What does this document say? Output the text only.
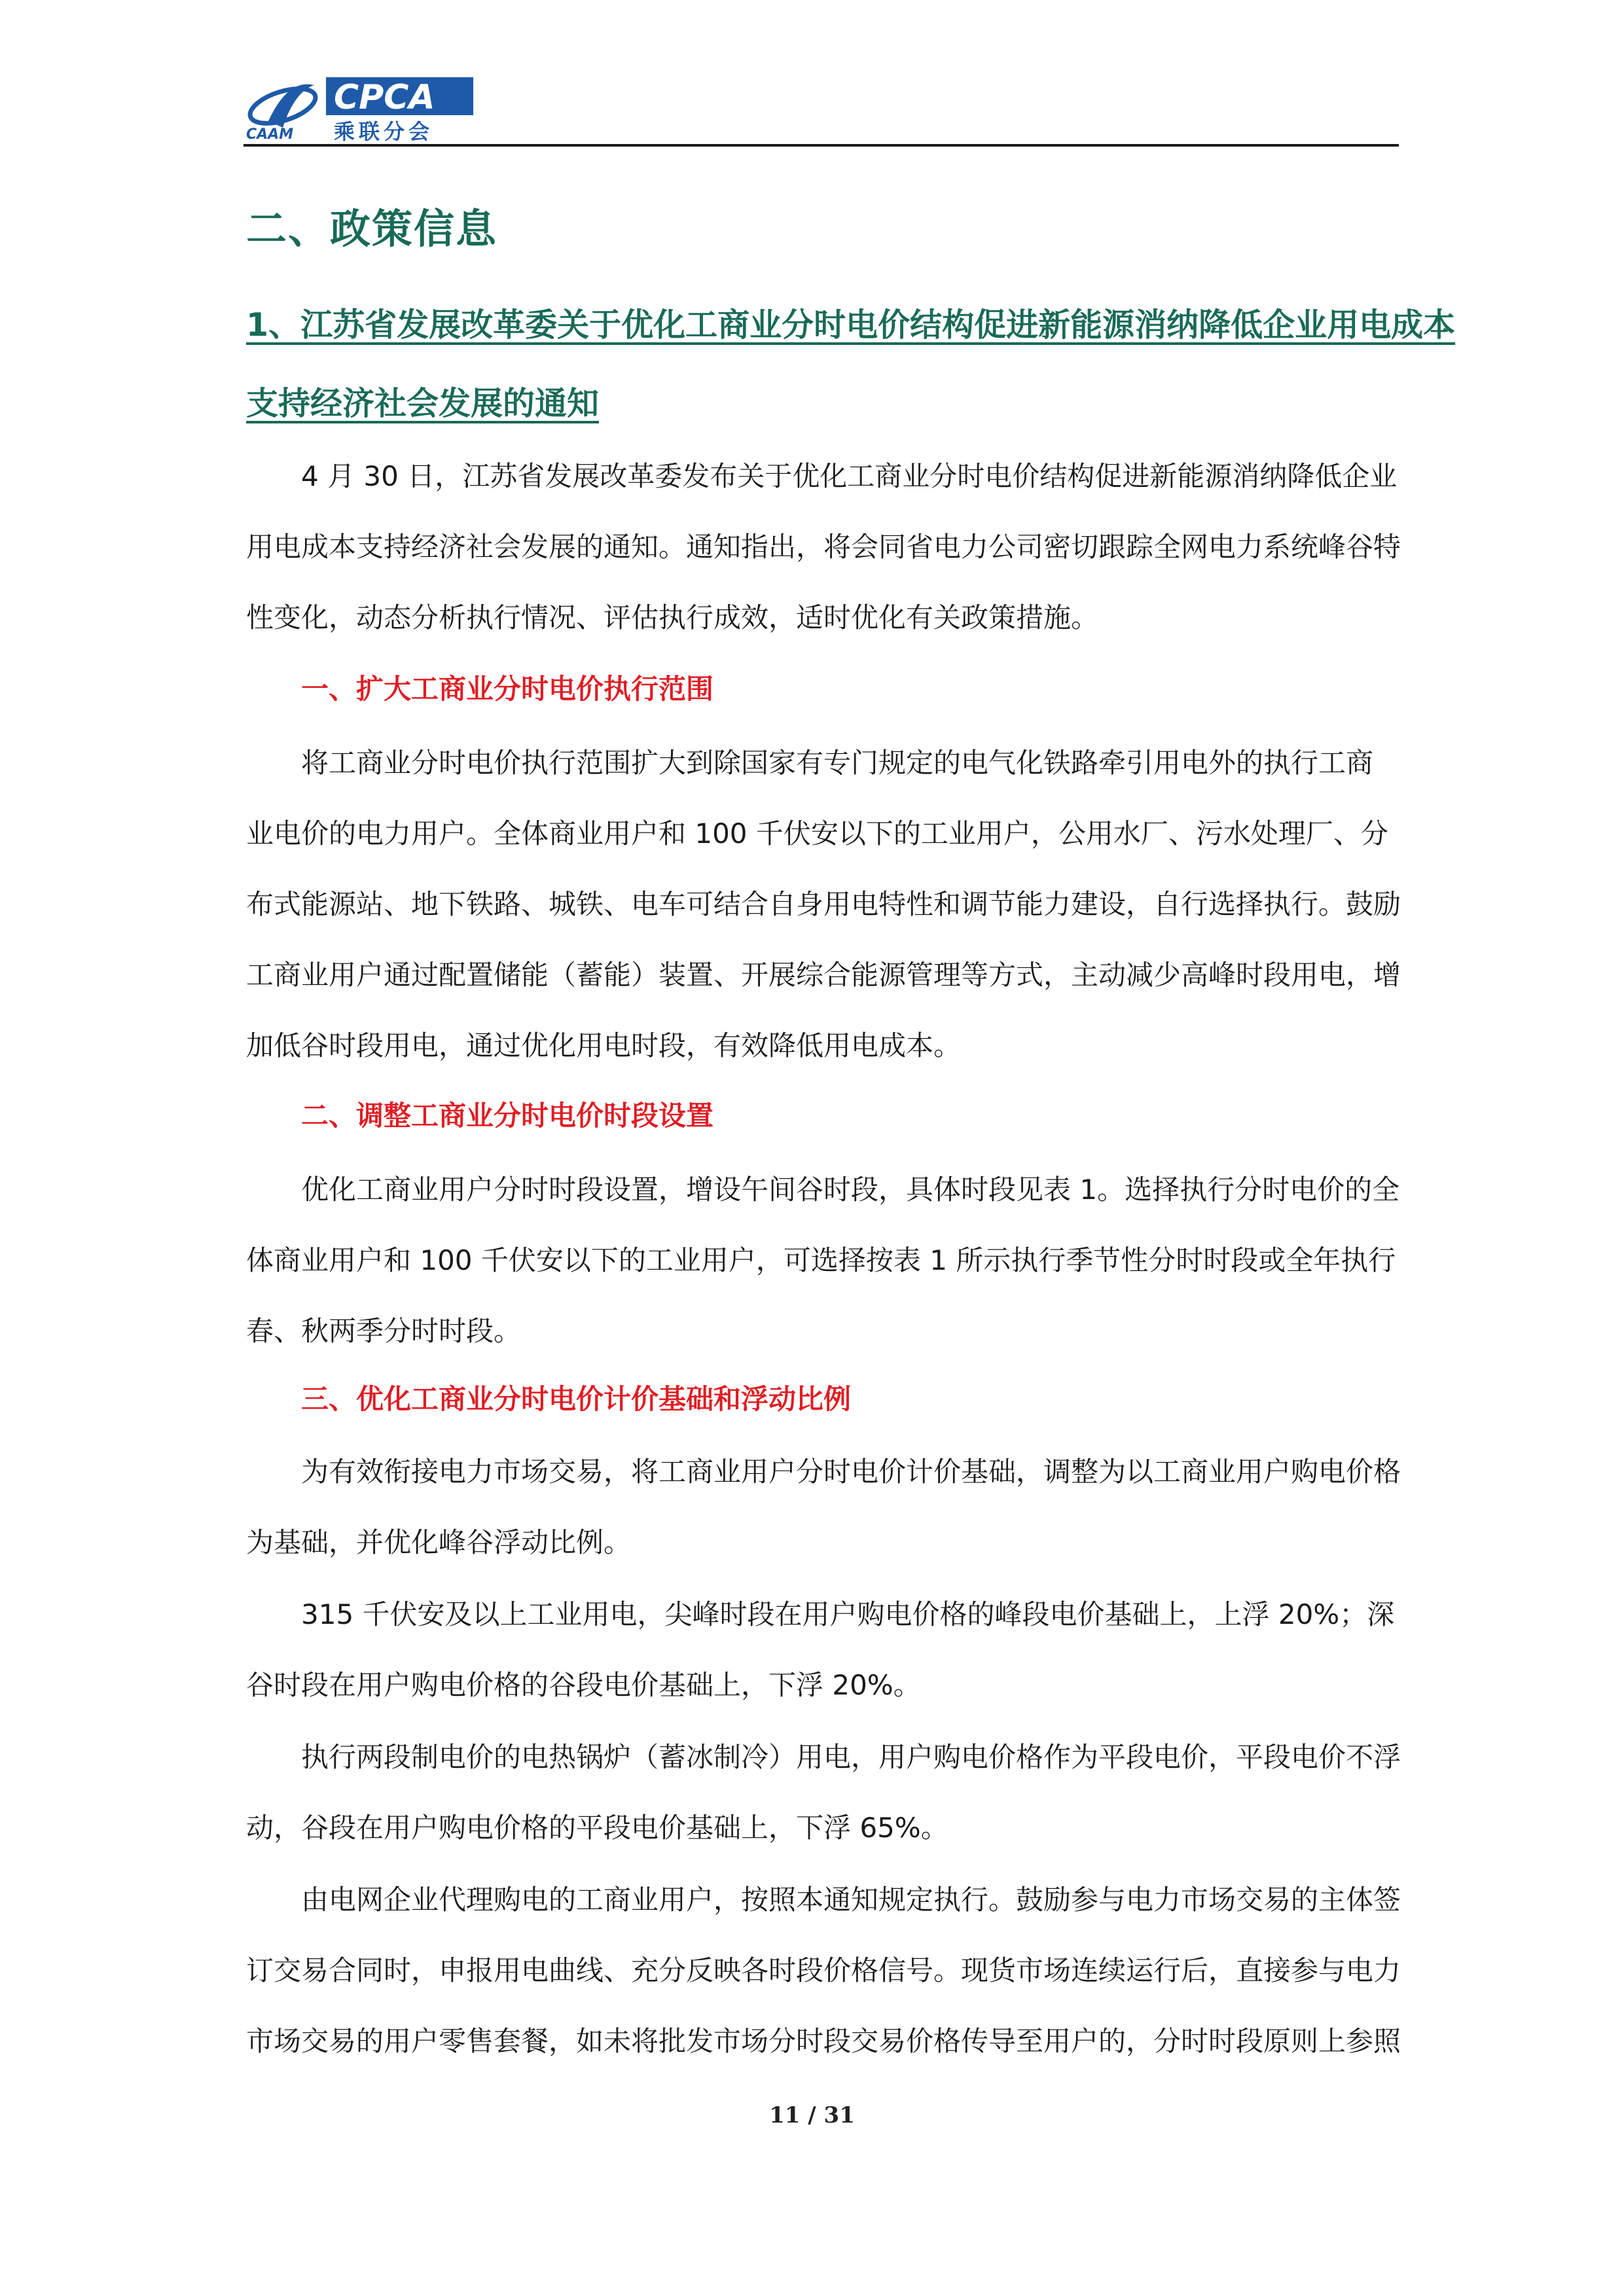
CAAM
CPCA
乘联分会
二、政策信息
1、江苏省发展改革委关于优化工商业分时电价结构促进新能源消纳降低企业用电成本
支持经济社会发展的通知
4 月 30 日，江苏省发展改革委发布关于优化工商业分时电价结构促进新能源消纳降低企业
用电成本支持经济社会发展的通知。通知指出，将会同省电力公司密切跟踪全网电力系统峰谷特
性变化，动态分析执行情况、评估执行成效，适时优化有关政策措施。
一、扩大工商业分时电价执行范围
将工商业分时电价执行范围扩大到除国家有专门规定的电气化铁路牵引用电外的执行工商
业电价的电力用户。全体商业用户和 100 千伏安以下的工业用户，公用水厂、污水处理厂、分
布式能源站、地下铁路、城铁、电车可结合自身用电特性和调节能力建设，自行选择执行。鼓励
工商业用户通过配置储能（蓄能）装置、开展综合能源管理等方式，主动减少高峰时段用电，增
加低谷时段用电，通过优化用电时段，有效降低用电成本。
二、调整工商业分时电价时段设置
优化工商业用户分时时段设置，增设午间谷时段，具体时段见表 1。选择执行分时电价的全
体商业用户和 100 千伏安以下的工业用户，可选择按表 1 所示执行季节性分时时段或全年执行
春、秋两季分时时段。
三、优化工商业分时电价计价基础和浮动比例
为有效衔接电力市场交易，将工商业用户分时电价计价基础，调整为以工商业用户购电价格
为基础，并优化峰谷浮动比例。
315 千伏安及以上工业用电，尖峰时段在用户购电价格的峰段电价基础上，上浮 20%；深
谷时段在用户购电价格的谷段电价基础上，下浮 20%。
执行两段制电价的电热锅炉（蓄冰制冷）用电，用户购电价格作为平段电价，平段电价不浮
动，谷段在用户购电价格的平段电价基础上，下浮 65%。
由电网企业代理购电的工商业用户，按照本通知规定执行。鼓励参与电力市场交易的主体签
订交易合同时，申报用电曲线、充分反映各时段价格信号。现货市场连续运行后，直接参与电力
市场交易的用户零售套餐，如未将批发市场分时段交易价格传导至用户的，分时时段原则上参照
11 / 31
